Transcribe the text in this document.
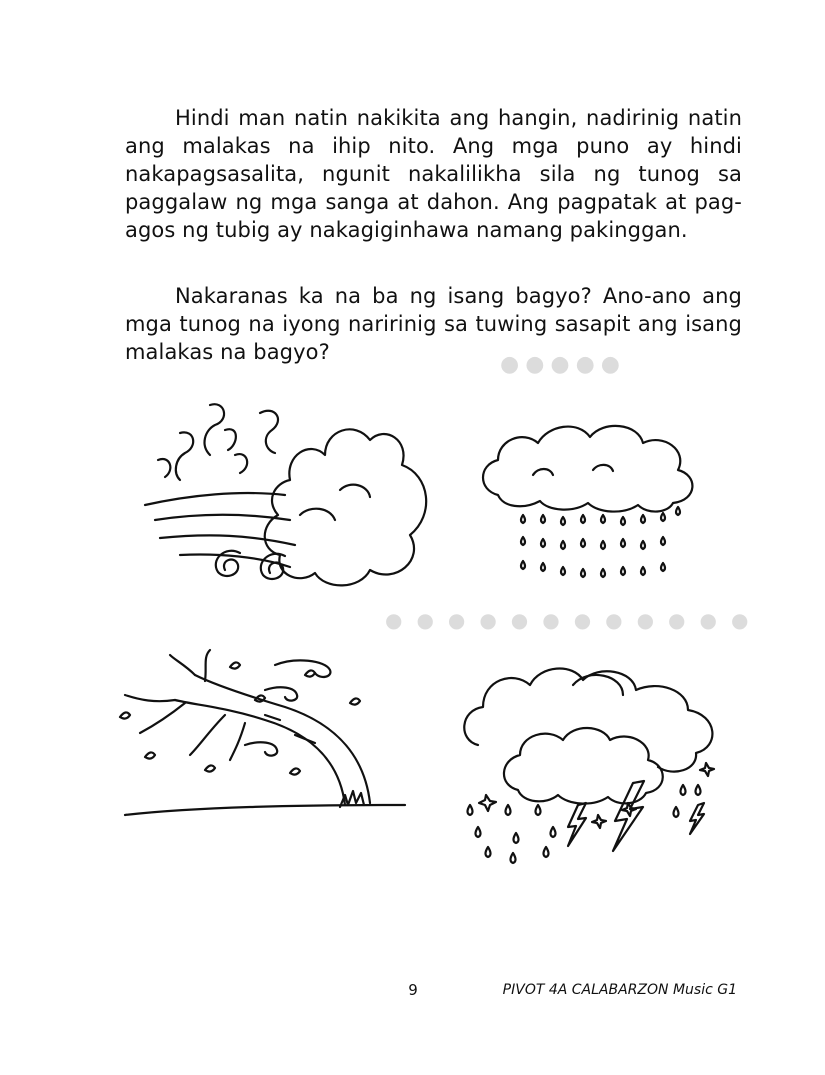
Hindi man natin nakikita ang hangin, nadirinig natin ang malakas na ihip nito. Ang mga puno ay hindi nakapagsasalita, ngunit nakalilikha sila ng tunog sa paggalaw ng mga sanga at dahon. Ang pagpatak at pag-agos ng tubig ay nakagiginhawa namang pakinggan.

Nakaranas ka na ba ng isang bagyo? Ano-ano ang mga tunog na iyong naririnig sa tuwing sasapit ang isang malakas na bagyo?	●●●●●
●●●●●●●●●●●●
9	PIVOT 4A CALABARZON Music G1
